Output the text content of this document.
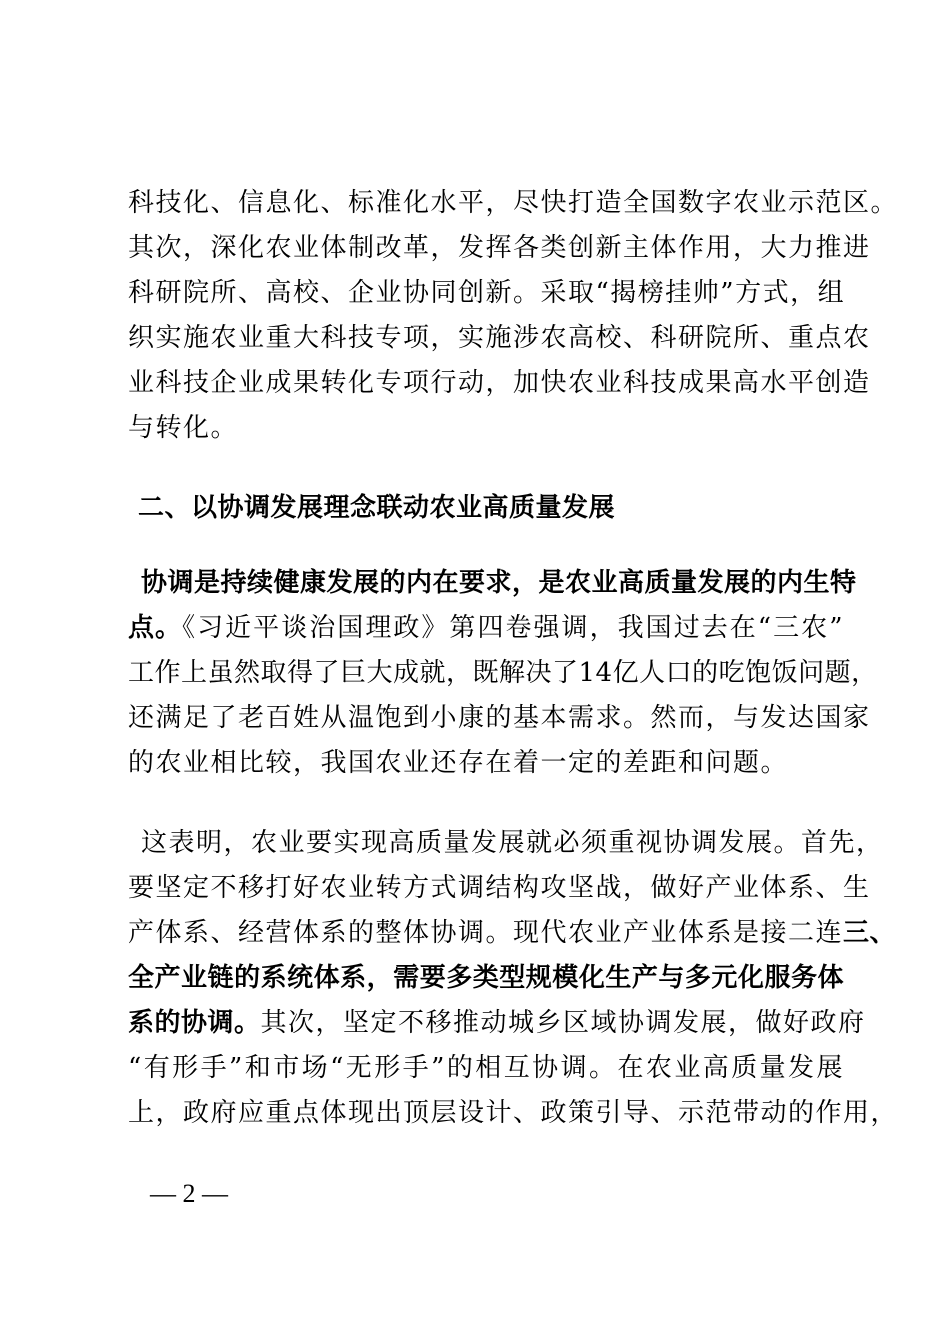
科技化、信息化、标准化水平，尽快打造全国数字农业示范区。
其次，深化农业体制改革，发挥各类创新主体作用，大力推进
科研院所、高校、企业协同创新。采取“揭榜挂帅”方式，组
织实施农业重大科技专项，实施涉农高校、科研院所、重点农
业科技企业成果转化专项行动，加快农业科技成果高水平创造
与转化。
二、以协调发展理念联动农业高质量发展
协调是持续健康发展的内在要求，是农业高质量发展的内生特
点。《习近平谈治国理政》第四卷强调，我国过去在“三农”
工作上虽然取得了巨大成就，既解决了14亿人口的吃饱饭问题，
还满足了老百姓从温饱到小康的基本需求。然而，与发达国家
的农业相比较，我国农业还存在着一定的差距和问题。
这表明，农业要实现高质量发展就必须重视协调发展。首先，
要坚定不移打好农业转方式调结构攻坚战，做好产业体系、生
产体系、经营体系的整体协调。现代农业产业体系是接二连三、
全产业链的系统体系，需要多类型规模化生产与多元化服务体
系的协调。其次，坚定不移推动城乡区域协调发展，做好政府
“有形手”和市场“无形手”的相互协调。在农业高质量发展
上，政府应重点体现出顶层设计、政策引导、示范带动的作用，
— 2 —
